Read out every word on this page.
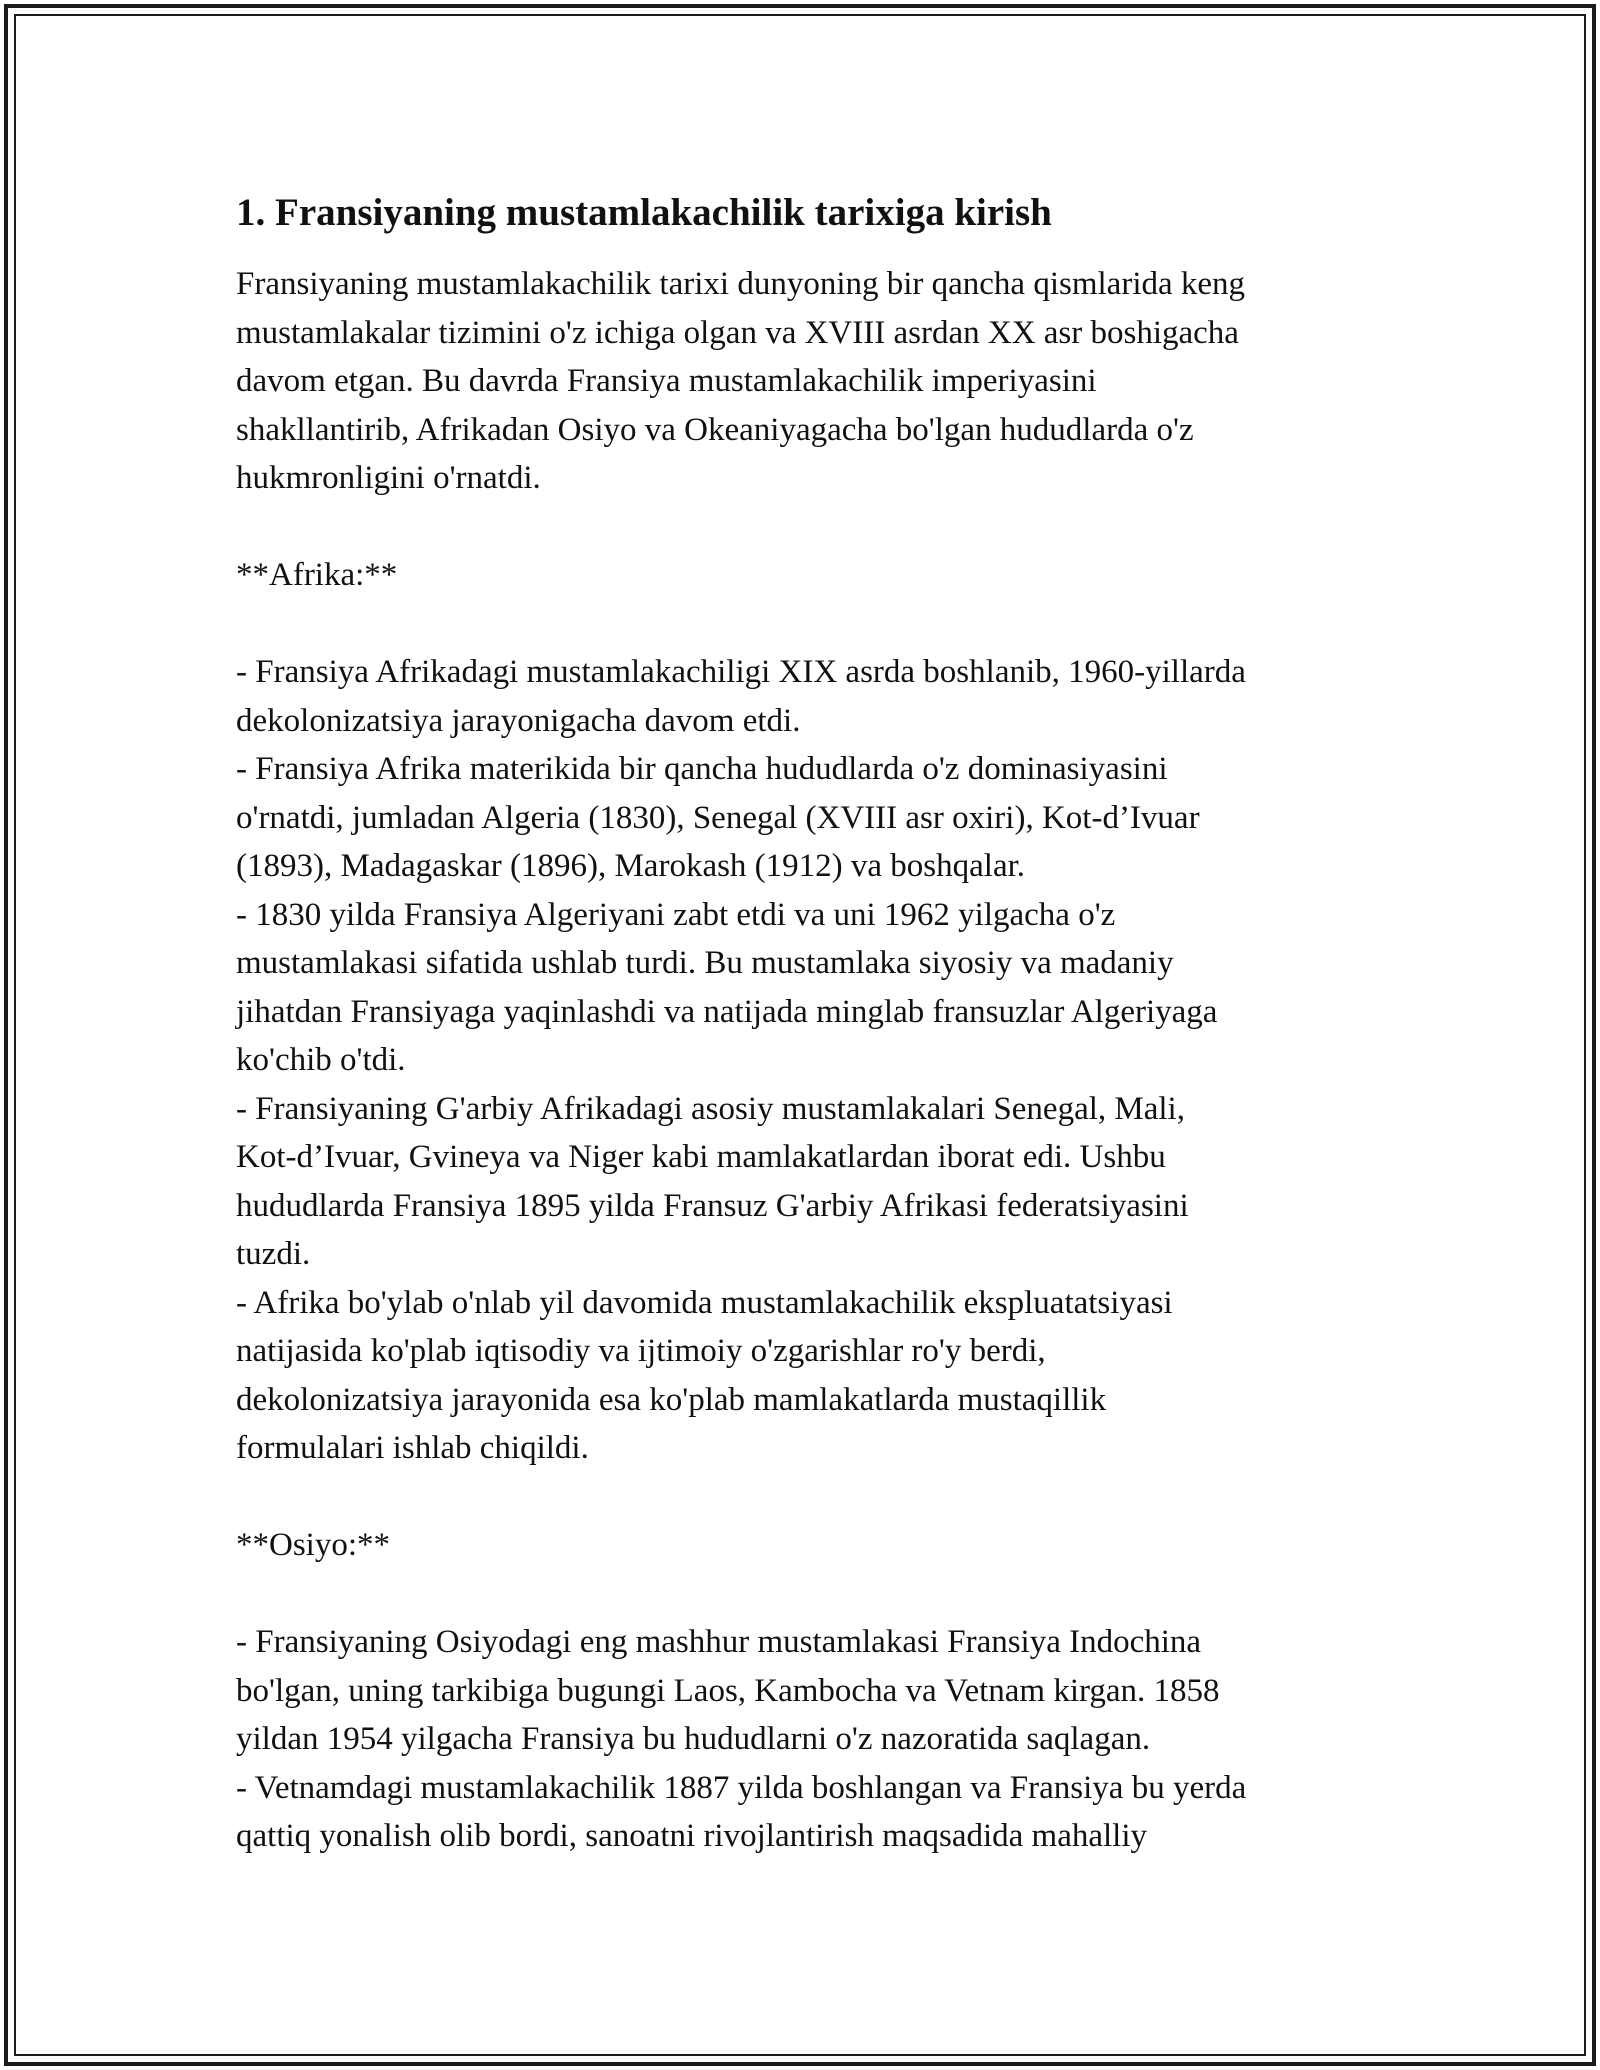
1. Fransiyaning mustamlakachilik tarixiga kirish

Fransiyaning mustamlakachilik tarixi dunyoning bir qancha qismlarida keng

mustamlakalar tizimini o'z ichiga olgan va XVIII asrdan XX asr boshigacha

davom etgan. Bu davrda Fransiya mustamlakachilik imperiyasini

shakllantirib, Afrikadan Osiyo va Okeaniyagacha bo'lgan hududlarda o'z

hukmronligini o'rnatdi.

**Afrika:**

- Fransiya Afrikadagi mustamlakachiligi XIX asrda boshlanib, 1960-yillarda

dekolonizatsiya jarayonigacha davom etdi.

- Fransiya Afrika materikida bir qancha hududlarda o'z dominasiyasini

o'rnatdi, jumladan Algeria (1830), Senegal (XVIII asr oxiri), Kot-d’Ivuar

(1893), Madagaskar (1896), Marokash (1912) va boshqalar.

- 1830 yilda Fransiya Algeriyani zabt etdi va uni 1962 yilgacha o'z

mustamlakasi sifatida ushlab turdi. Bu mustamlaka siyosiy va madaniy

jihatdan Fransiyaga yaqinlashdi va natijada minglab fransuzlar Algeriyaga

ko'chib o'tdi.

- Fransiyaning G'arbiy Afrikadagi asosiy mustamlakalari Senegal, Mali,

Kot-d’Ivuar, Gvineya va Niger kabi mamlakatlardan iborat edi. Ushbu

hududlarda Fransiya 1895 yilda Fransuz G'arbiy Afrikasi federatsiyasini

tuzdi.

- Afrika bo'ylab o'nlab yil davomida mustamlakachilik ekspluatatsiyasi

natijasida ko'plab iqtisodiy va ijtimoiy o'zgarishlar ro'y berdi,

dekolonizatsiya jarayonida esa ko'plab mamlakatlarda mustaqillik

formulalari ishlab chiqildi.

**Osiyo:**

- Fransiyaning Osiyodagi eng mashhur mustamlakasi Fransiya Indochina

bo'lgan, uning tarkibiga bugungi Laos, Kambocha va Vetnam kirgan. 1858

yildan 1954 yilgacha Fransiya bu hududlarni o'z nazoratida saqlagan.

- Vetnamdagi mustamlakachilik 1887 yilda boshlangan va Fransiya bu yerda

qattiq yonalish olib bordi, sanoatni rivojlantirish maqsadida mahalliy
